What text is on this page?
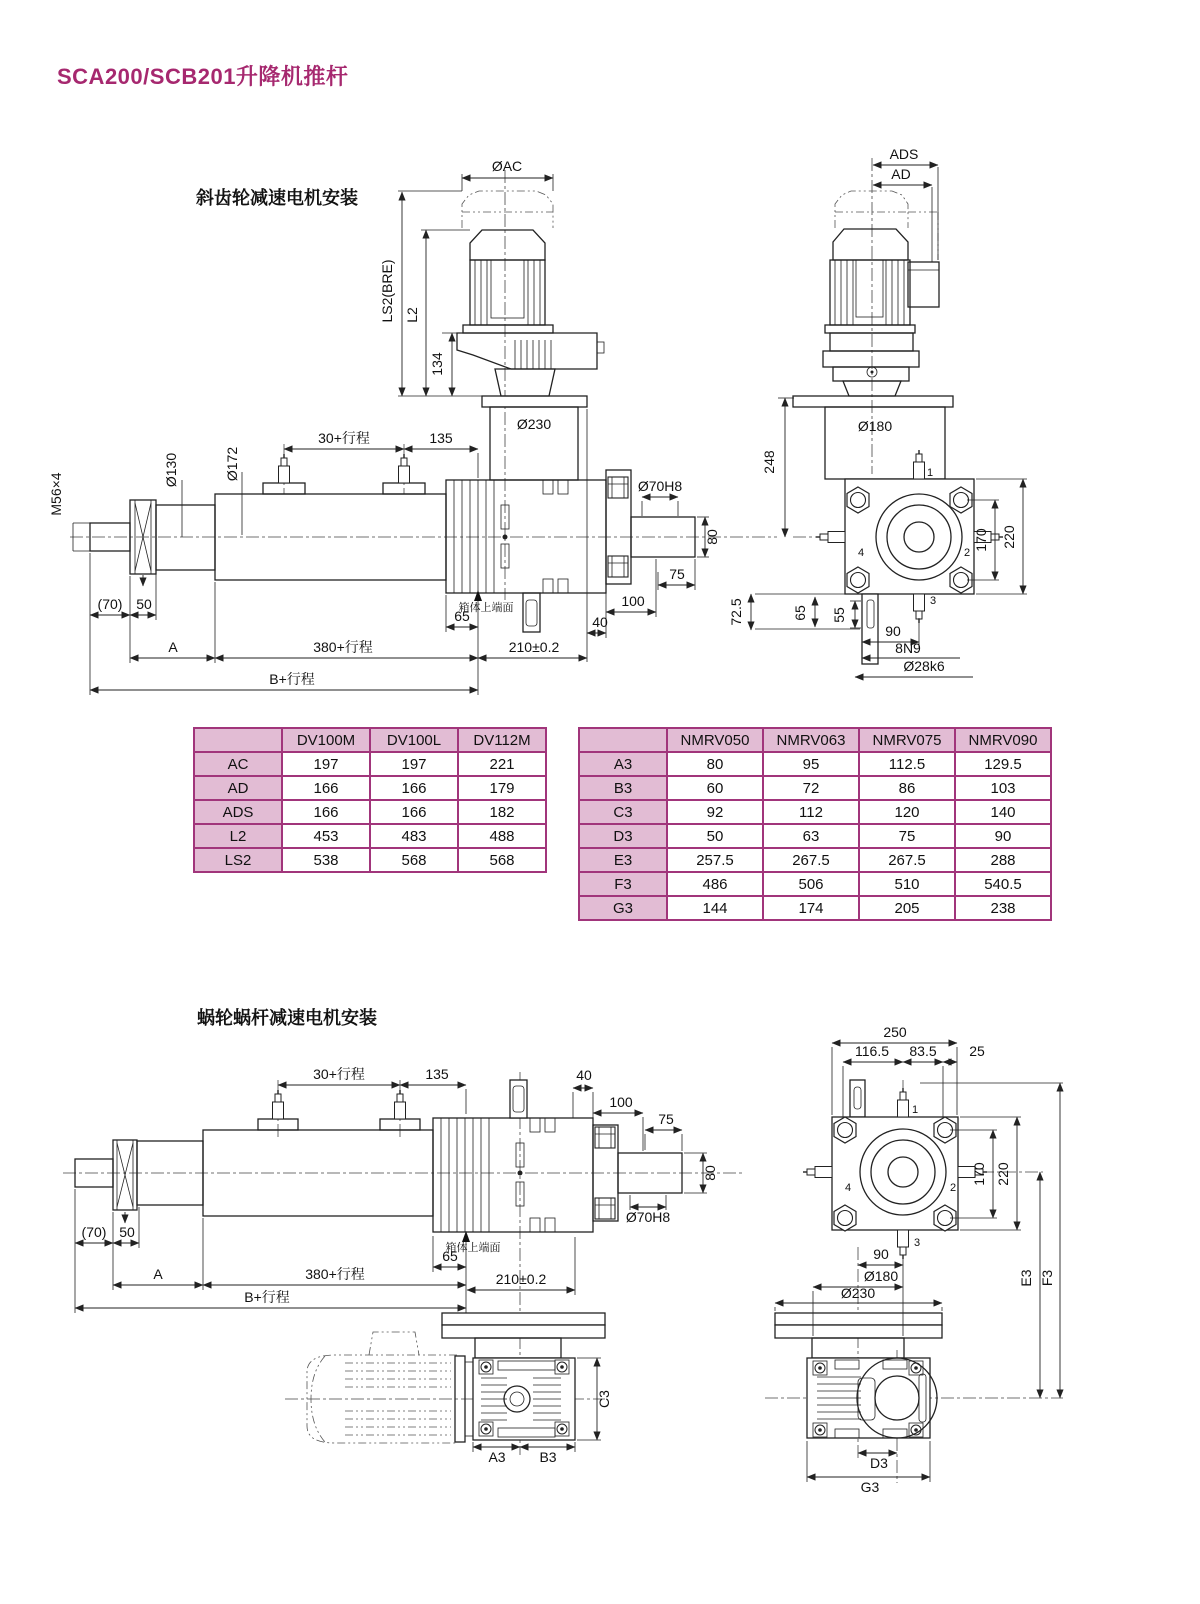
SCA200/SCB201升降机推杆
斜齿轮减速电机安装
蜗轮蜗杆减速电机安装
ØAC
LS2(BRE) L2
134
Ø230
30+行程	135
M56×4
Ø130	Ø172
Ø70H8
80
75
100
40
65
箱体上端面
(70) 50
A	380+行程	210±0.2
B+行程
Ø180
1
2
3
4
ADS
AD
248
170 220
72.5	65 55
90
8N9
Ø28k6
	DV100M	DV100L	DV112M
AC	197	197	221
AD	166	166	179
ADS	166	166	182
L2	453	483	488
LS2	538	568	568
	NMRV050	NMRV063	NMRV075	NMRV090
A3	80	95	112.5	129.5
B3	60	72	86	103
C3	92	112	120	140
D3	50	63	75	90
E3	257.5	267.5	267.5	288
F3	486	506	510	540.5
G3	144	174	205	238
30+行程	135	40
100
75
80
Ø70H8
箱体上端面
65
210±0.2
(70) 50
A	380+行程
B+行程
A3 B3
C3
1
2
3
4
250
116.5 83.5 25
170 220
90
Ø180
Ø230
D3
G3
E3 F3
